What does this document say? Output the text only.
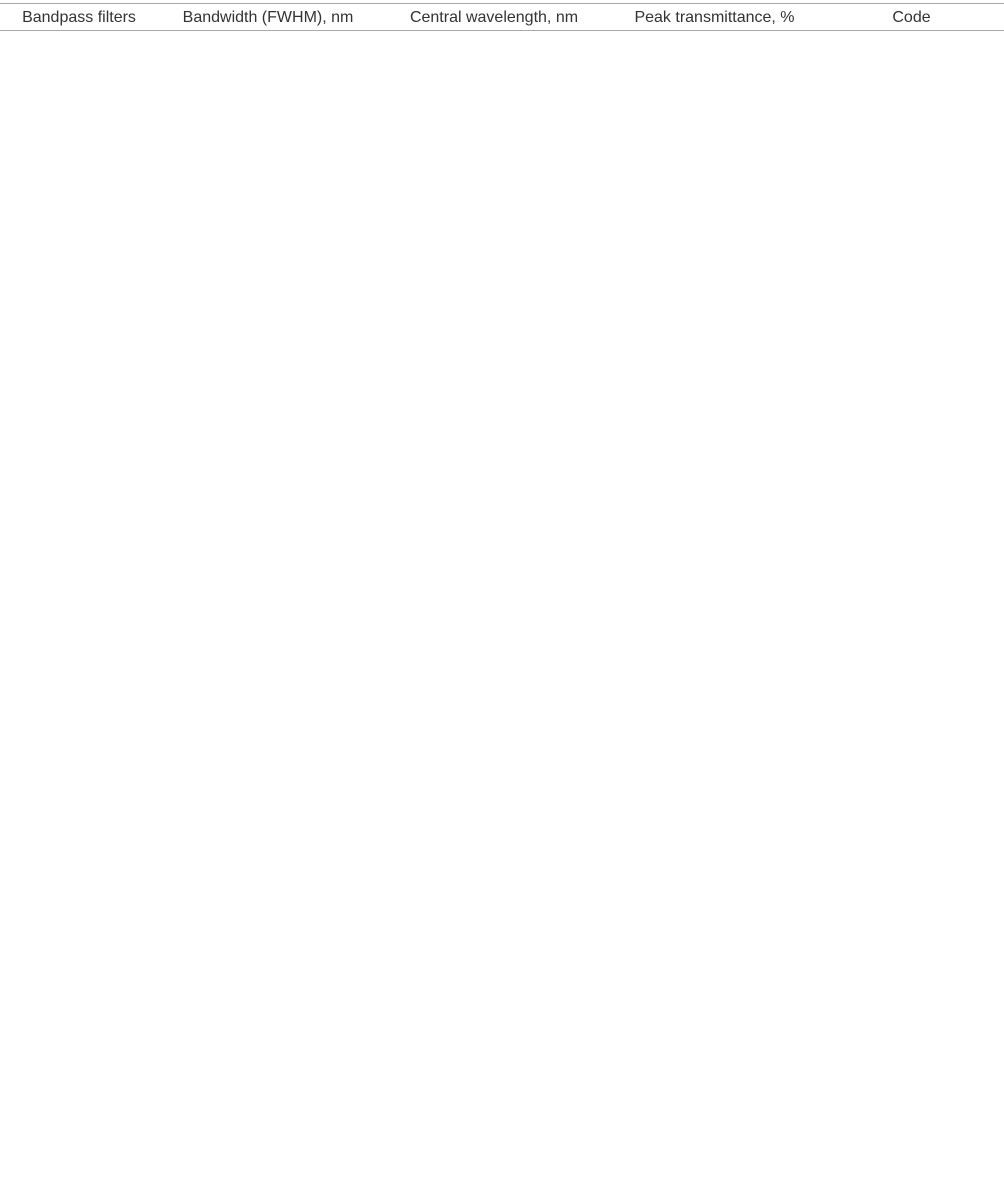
Bandpass filters	Bandwidth (FWHM), nm	Central wavelength, nm	Peak transmittance, %	Code
